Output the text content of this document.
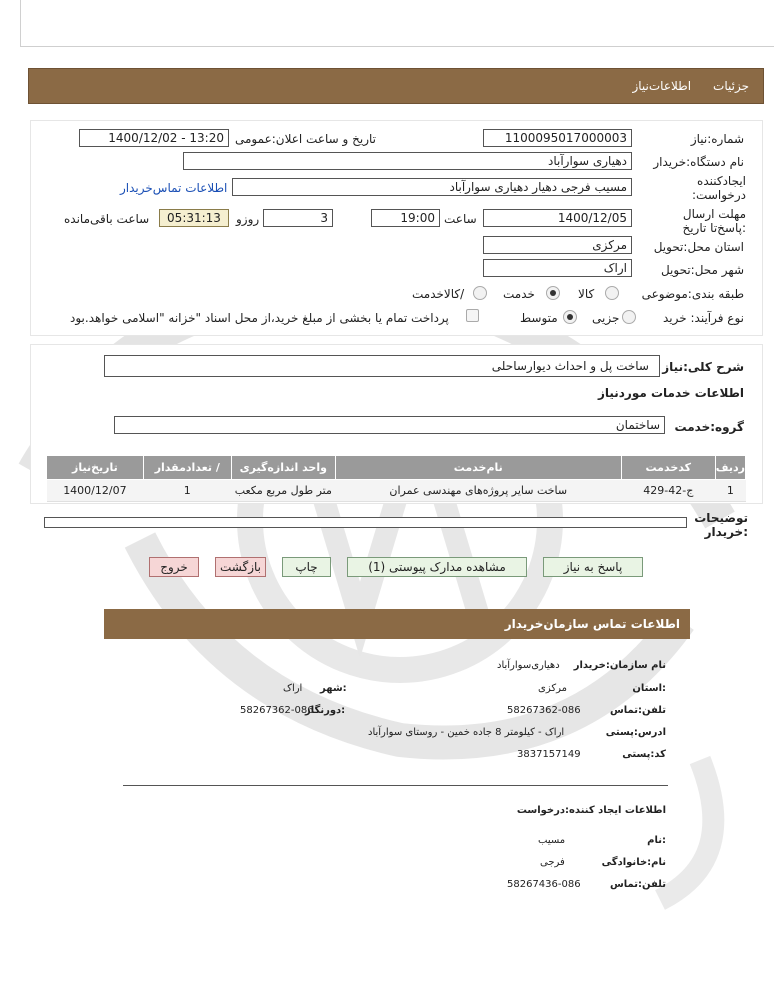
جزئیات
اطلاعات‌نیاز
شماره:نیاز
1100095017000003
تاریخ و ساعت اعلان:عمومی
1400/12/02 - 13:20
نام دستگاه:خریدار
دهیاری سوارآباد
ایجادکننده درخواست:
مسیب فرجی دهیار دهیاری سوارآباد
اطلاعات تماس‌خریدار
مهلت ارسال :پاسخ‌تا تاریخ
1400/12/05
ساعت
19:00
3
روزو
05:31:13
ساعت باقی‌مانده
استان محل:تحویل
مرکزی
شهر محل:تحویل
اراک
طبقه بندی:موضوعی
کالا
خدمت
/کالاخدمت
نوع فرآیند: خرید
جزیی
متوسط
پرداخت تمام یا بخشی از مبلغ خرید،از محل اسناد "خزانه "اسلامی خواهد.بود
شرح کلی:نیاز
ساخت پل و احداث دیوارساحلی
اطلاعات خدمات موردنیاز
گروه:خدمت
ساختمان
ردیف	کدخدمت	نام‌خدمت	واحد اندازه‌گیری	/ تعدادمقدار	تاریخ‌نیاز
1	ج-42-429	ساخت سایر پروژه‌های مهندسی عمران	متر طول مربع مکعب	1	1400/12/07
توضیحات :خریدار
پاسخ به نیاز
مشاهده مدارک پیوستی (1)
چاپ
بازگشت
خروج
اطلاعات تماس سازمان‌خریدار
نام سازمان:خریدار
دهیاری‌سوارآباد
:استان
مرکزی
:شهر
اراک
تلفن:تماس
58267362-086
:دورنگار
58267362-086
ادرس:پستی
اراک - کیلومتر 8 جاده خمین - روستای سوارآباد
کد:پستی
3837157149
اطلاعات ایجاد کننده:درخواست
:نام
مسیب
نام:خانوادگی
فرجی
تلفن:تماس
58267436-086
